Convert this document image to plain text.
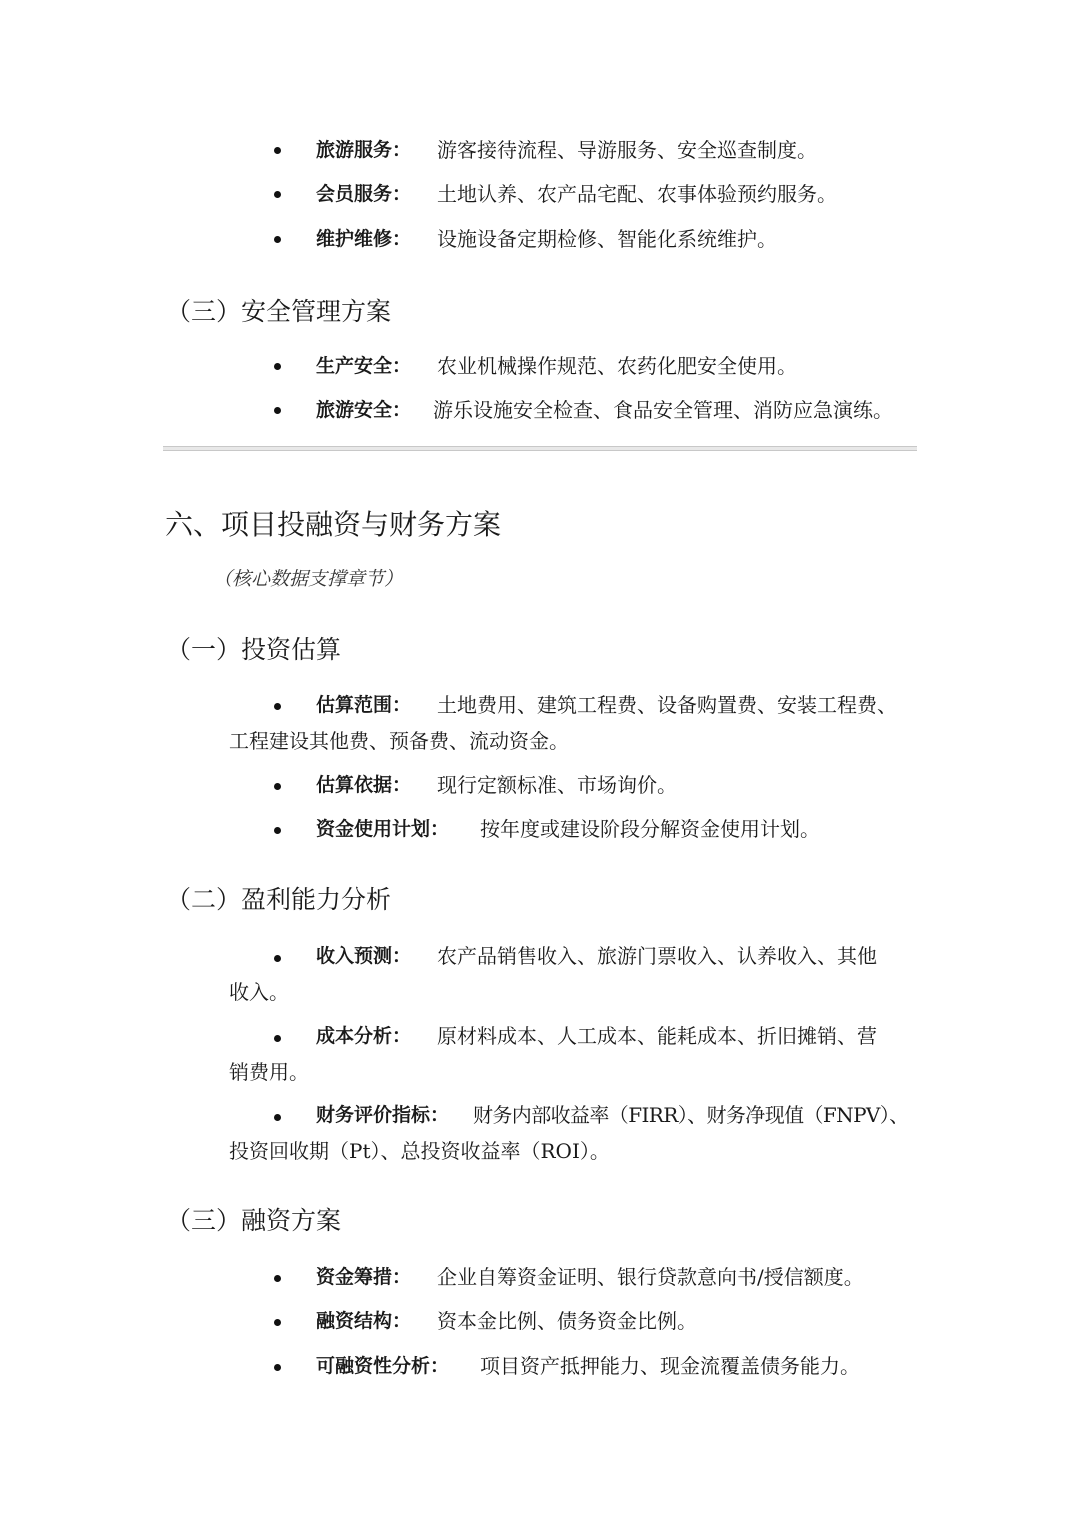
旅游服务： 游客接待流程、导游服务、安全巡查制度。
会员服务： 土地认养、农产品宅配、农事体验预约服务。
维护维修： 设施设备定期检修、智能化系统维护。
（三）安全管理方案
生产安全： 农业机械操作规范、农药化肥安全使用。
旅游安全： 游乐设施安全检查、食品安全管理、消防应急演练。
六、项目投融资与财务方案
（核心数据支撑章节）
（一）投资估算
估算范围： 土地费用、建筑工程费、设备购置费、安装工程费、
工程建设其他费、预备费、流动资金。
估算依据： 现行定额标准、市场询价。
资金使用计划： 按年度或建设阶段分解资金使用计划。
（二）盈利能力分析
收入预测： 农产品销售收入、旅游门票收入、认养收入、其他
收入。
成本分析： 原材料成本、人工成本、能耗成本、折旧摊销、营
销费用。
财务评价指标： 财务内部收益率（FIRR）、财务净现值（FNPV）、
投资回收期（Pt）、总投资收益率（ROI）。
（三）融资方案
资金筹措： 企业自筹资金证明、银行贷款意向书/授信额度。
融资结构： 资本金比例、债务资金比例。
可融资性分析： 项目资产抵押能力、现金流覆盖债务能力。
